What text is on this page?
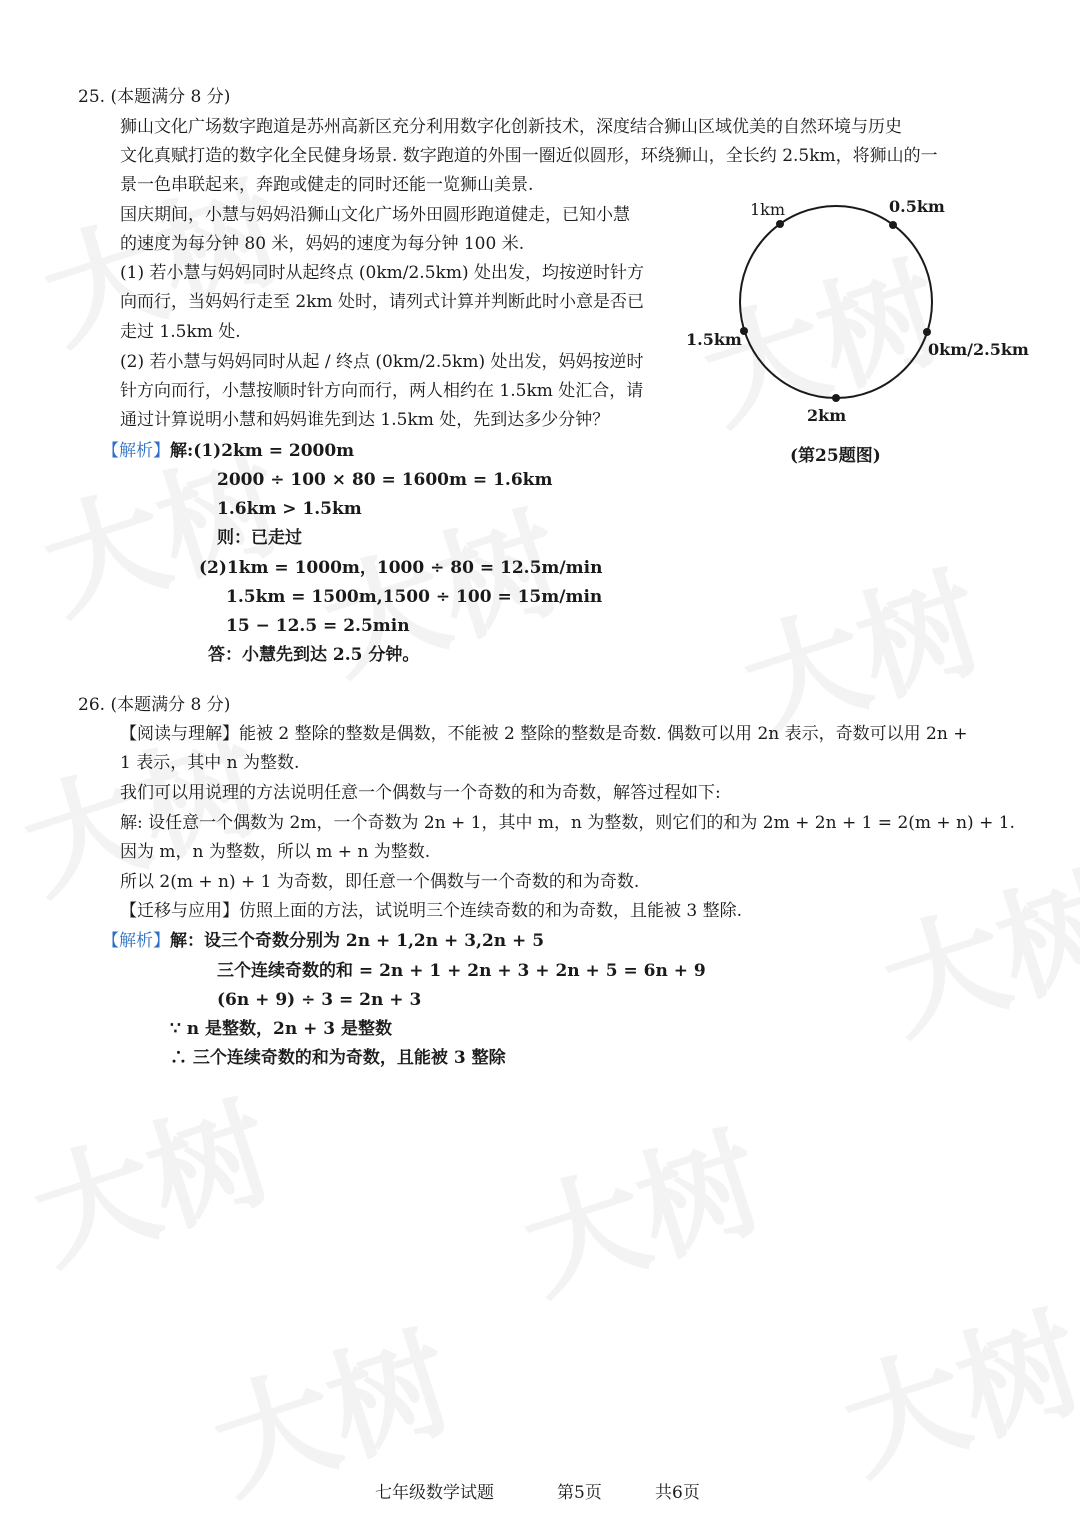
25. (本题满分 8 分)
狮山文化广场数字跑道是苏州高新区充分利用数字化创新技术，深度结合狮山区域优美的自然环境与历史
文化真赋打造的数字化全民健身场景. 数字跑道的外围一圈近似圆形，环绕狮山，全长约 2.5km，将狮山的一
景一色串联起来，奔跑或健走的同时还能一览狮山美景.
国庆期间，小慧与妈妈沿狮山文化广场外田圆形跑道健走，已知小慧
的速度为每分钟 80 米，妈妈的速度为每分钟 100 米.
(1) 若小慧与妈妈同时从起终点 (0km/2.5km) 处出发，均按逆时针方
向而行，当妈妈行走至 2km 处时，请列式计算并判断此时小意是否已
走过 1.5km 处.
(2) 若小慧与妈妈同时从起 / 终点 (0km/2.5km) 处出发，妈妈按逆时
针方向而行，小慧按顺时针方向而行，两人相约在 1.5km 处汇合，请
通过计算说明小慧和妈妈谁先到达 1.5km 处，先到达多少分钟？
1km	0.5km
1.5km
0km/2.5km
2km
(第25题图)
【解析】 解:(1)2km = 2000m
2000 ÷ 100 × 80 = 1600m = 1.6km
1.6km > 1.5km
则：已走过
(2)1km = 1000m，1000 ÷ 80 = 12.5m/min
1.5km = 1500m,1500 ÷ 100 = 15m/min
15 − 12.5 = 2.5min
答：小慧先到达 2.5 分钟。
26. (本题满分 8 分)
【阅读与理解】能被 2 整除的整数是偶数，不能被 2 整除的整数是奇数. 偶数可以用 2n 表示，奇数可以用 2n +
1 表示，其中 n 为整数.
我们可以用说理的方法说明任意一个偶数与一个奇数的和为奇数，解答过程如下:
解: 设任意一个偶数为 2m，一个奇数为 2n + 1，其中 m，n 为整数，则它们的和为 2m + 2n + 1 = 2(m + n) + 1.
因为 m，n 为整数，所以 m + n 为整数.
所以 2(m + n) + 1 为奇数，即任意一个偶数与一个奇数的和为奇数.
【迁移与应用】仿照上面的方法，试说明三个连续奇数的和为奇数，且能被 3 整除.
【解析】 解：设三个奇数分别为 2n + 1,2n + 3,2n + 5
三个连续奇数的和 = 2n + 1 + 2n + 3 + 2n + 5 = 6n + 9
(6n + 9) ÷ 3 = 2n + 3
∵ n 是整数，2n + 3 是整数
∴ 三个连续奇数的和为奇数，且能被 3 整除
七年级数学试题	第5页	共6页
